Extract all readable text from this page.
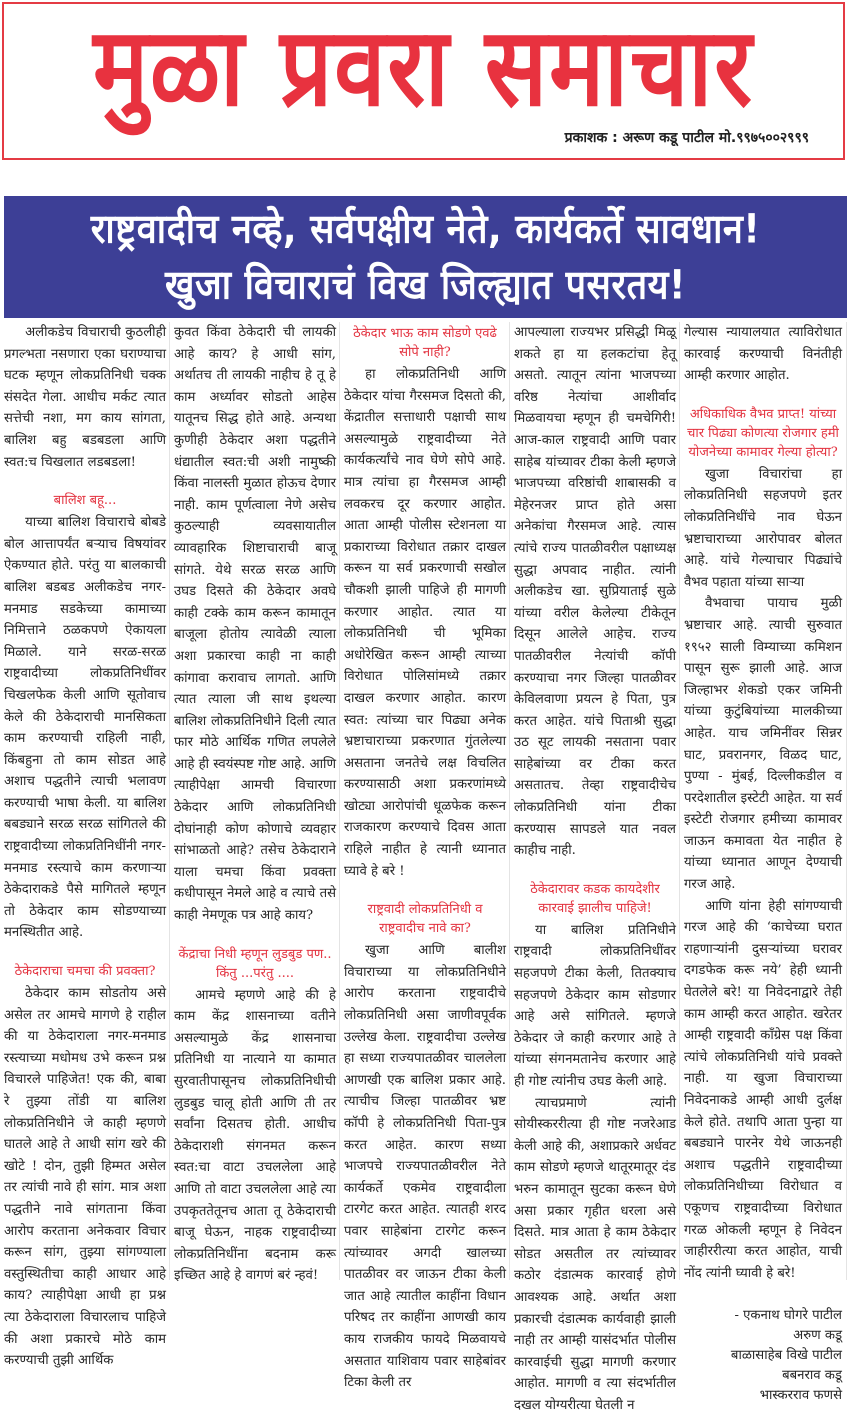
मुळा प्रवरा समाचार
प्रकाशक : अरूण कडू पाटील मो.९९७५००२९९९
राष्ट्रवादीच नव्हे, सर्वपक्षीय नेते, कार्यकर्ते सावधान!
खुजा विचाराचं विख जिल्ह्यात पसरतय!

अलीकडेच विचाराची कुठलीही प्रगल्भता नसणारा एका घराण्याचा घटक म्हणून लोकप्रतिनिधी चक्क संसदेत गेला. आधीच मर्कट त्यात सत्तेची नशा, मग काय सांगता, बालिश बहु बडबडला आणि स्वत:च चिखलात लडबडला!

बालिश बहू...

याच्या बालिश विचाराचे बोबडे बोल आत्तापर्यंत बऱ्याच विषयांवर ऐकण्यात होते. परंतु या बालकाची बालिश बडबड अलीकडेच नगर-मनमाड सडकेच्या कामाच्या निमित्ताने ठळकपणे ऐकायला मिळाले. याने सरळ-सरळ राष्ट्रवादीच्या लोकप्रतिनिधींवर चिखलफेक केली आणि सूतोवाच केले की ठेकेदाराची मानसिकता काम करण्याची राहिली नाही, किंबहुना तो काम सोडत आहे अशाच पद्धतीने त्याची भलावण करण्याची भाषा केली. या बालिश बबड्याने सरळ सरळ सांगितले की राष्ट्रवादीच्या लोकप्रतिनिधींनी नगर-मनमाड रस्त्याचे काम करणाऱ्या ठेकेदाराकडे पैसे मागितले म्हणून तो ठेकेदार काम सोडण्याच्या मनस्थितीत आहे.

ठेकेदाराचा चमचा की प्रवक्ता?

ठेकेदार काम सोडतोय असे असेल तर आमचे मागणे हे राहील की या ठेकेदाराला नगर-मनमाड रस्त्याच्या मधोमध उभे करून प्रश्न विचारले पाहिजेत! एक की, बाबा रे तुझ्या तोंडी या बालिश लोकप्रतिनिधीने जे काही म्हणणे घातले आहे ते आधी सांग खरे की खोटे ! दोन, तुझी हिम्मत असेल तर त्यांची नावे ही सांग. मात्र अशा पद्धतीने नावे सांगताना किंवा आरोप करताना अनेकवार विचार करून सांग, तुझ्या सांगण्याला वस्तुस्थितीचा काही आधार आहे काय? त्याहीपेक्षा आधी हा प्रश्न त्या ठेकेदाराला विचारलाच पाहिजे की अशा प्रकारचे मोठे काम करण्याची तुझी आर्थिक

कुवत किंवा ठेकेदारी ची लायकी आहे काय? हे आधी सांग, अर्थातच ती लायकी नाहीच हे तू हे काम अर्ध्यावर सोडतो आहेस यातूनच सिद्ध होते आहे. अन्यथा कुणीही ठेकेदार अशा पद्धतीने धंद्यातील स्वत:ची अशी नामुष्की किंवा नालस्ती मुळात होऊच देणार नाही. काम पूर्णत्वाला नेणे असेच कुठल्याही व्यवसायातील व्यावहारिक शिष्टाचाराची बाजू सांगते. येथे सरळ सरळ आणि उघड दिसते की ठेकेदार अवघे काही टक्के काम करून कामातून बाजूला होतोय त्यावेळी त्याला अशा प्रकारचा काही ना काही कांगावा करावाच लागतो. आणि त्यात त्याला जी साथ इथल्या बालिश लोकप्रतिनिधीने दिली त्यात फार मोठे आर्थिक गणित लपलेले आहे ही स्वयंस्पष्ट गोष्ट आहे. आणि त्याहीपेक्षा आमची विचारणा ठेकेदार आणि लोकप्रतिनिधी दोघांनाही कोण कोणाचे व्यवहार सांभाळतो आहे? तसेच ठेकेदाराने याला चमचा किंवा प्रवक्ता कधीपासून नेमले आहे व त्याचे तसे काही नेमणूक पत्र आहे काय?

केंद्राचा निधी म्हणून लुडबुड पण.. किंतु ...परंतु ....

आमचे म्हणणे आहे की हे काम केंद्र शासनाच्या वतीने असल्यामुळे केंद्र शासनाचा प्रतिनिधी या नात्याने या कामात सुरवातीपासूनच लोकप्रतिनिधीची लुडबुड चालू होती आणि ती तर सर्वांना दिसतच होती. आधीच ठेकेदाराशी संगनमत करून स्वत:चा वाटा उचललेला आहे आणि तो वाटा उचललेला आहे त्या उपकृततेतूनच आता तू ठेकेदाराची बाजू घेऊन, नाहक राष्ट्रवादीच्या लोकप्रतिनिधींना बदनाम करू इच्छित आहे हे वागणं बरं न्हवं!

ठेकेदार भाऊ काम सोडणे एवढे सोपे नाही?

हा लोकप्रतिनिधी आणि ठेकेदार यांचा गैरसमज दिसतो की, केंद्रातील सत्ताधारी पक्षाची साथ असल्यामुळे राष्ट्रवादीच्या नेते कार्यकर्त्यांचे नाव घेणे सोपे आहे. मात्र त्यांचा हा गैरसमज आम्ही लवकरच दूर करणार आहोत. आता आम्ही पोलीस स्टेशनला या प्रकाराच्या विरोधात तक्रार दाखल करून या सर्व प्रकरणाची सखोल चौकशी झाली पाहिजे ही मागणी करणार आहोत. त्यात या लोकप्रतिनिधी ची भूमिका अधोरेखित करून आम्ही त्याच्या विरोधात पोलिसांमध्ये तक्रार दाखल करणार आहोत. कारण स्वत: त्यांच्या चार पिढ्या अनेक भ्रष्टाचाराच्या प्रकरणात गुंतलेल्या असताना जनतेचे लक्ष विचलित करण्यासाठी अशा प्रकरणांमध्ये खोट्या आरोपांची धूळफेक करून राजकारण करण्याचे दिवस आता राहिले नाहीत हे त्यानी ध्यानात घ्यावे हे बरे !

राष्ट्रवादी लोकप्रतिनिधी व राष्ट्रवादीच नावे का?

खुजा आणि बालीश विचाराच्या या लोकप्रतिनिधीने आरोप करताना राष्ट्रवादीचे लोकप्रतिनिधी असा जाणीवपूर्वक उल्लेख केला. राष्ट्रवादीचा उल्लेख हा सध्या राज्यपातळीवर चाललेला आणखी एक बालिश प्रकार आहे. त्याचीच जिल्हा पातळीवर भ्रष्ट कॉपी हे लोकप्रतिनिधी पिता-पुत्र करत आहेत. कारण सध्या भाजपचे राज्यपातळीवरील नेते कार्यकर्ते एकमेव राष्ट्रवादीला टारगेट करत आहेत. त्यातही शरद पवार साहेबांना टारगेट करून त्यांच्यावर अगदी खालच्या पातळीवर वर जाऊन टीका केली जात आहे त्यातील काहींना विधान परिषद तर काहींना आणखी काय काय राजकीय फायदे मिळवायचे असतात याशिवाय पवार साहेबांवर टिका केली तर

आपल्याला राज्यभर प्रसिद्धी मिळू शकते हा या हलकटांचा हेतू असतो. त्यातून त्यांना भाजपच्या वरिष्ठ नेत्यांचा आशीर्वाद मिळवायचा म्हणून ही चमचेगिरी! आज-काल राष्ट्रवादी आणि पवार साहेब यांच्यावर टीका केली म्हणजे भाजपच्या वरिष्ठांची शाबासकी व मेहेरनजर प्राप्त होते असा अनेकांचा गैरसमज आहे. त्यास त्यांचे राज्य पातळीवरील पक्षाध्यक्ष सुद्धा अपवाद नाहीत. त्यांनी अलीकडेच खा. सुप्रियाताई सुळे यांच्या वरील केलेल्या टीकेतून दिसून आलेले आहेच. राज्य पातळीवरील नेत्यांची कॉपी करण्याचा नगर जिल्हा पातळीवर केविलवाणा प्रयत्न हे पिता, पुत्र करत आहेत. यांचे पिताश्री सुद्धा उठ सूट लायकी नसताना पवार साहेबांच्या वर टीका करत असतातच. तेव्हा राष्ट्रवादीचेच लोकप्रतिनिधी यांना टीका करण्यास सापडले यात नवल काहीच नाही.

ठेकेदारावर कडक कायदेशीर कारवाई झालीच पाहिजे!

या बालिश प्रतिनिधीने राष्ट्रवादी लोकप्रतिनिधींवर सहजपणे टीका केली, तितक्याच सहजपणे ठेकेदार काम सोडणार आहे असे सांगितले. म्हणजे ठेकेदार जे काही करणार आहे ते यांच्या संगनमतानेच करणार आहे ही गोष्ट त्यांनीच उघड केली आहे.

त्याचप्रमाणे त्यांनी सोयीस्कररीत्या ही गोष्ट नजरेआड केली आहे की, अशाप्रकारे अर्धवट काम सोडणे म्हणजे थातूरमातूर दंड भरुन कामातून सुटका करून घेणे असा प्रकार गृहीत धरला असे दिसते. मात्र आता हे काम ठेकेदार सोडत असतील तर त्यांच्यावर कठोर दंडात्मक कारवाई होणे आवश्यक आहे. अर्थात अशा प्रकारची दंडात्मक कार्यवाही झाली नाही तर आम्ही यासंदर्भात पोलीस कारवाईची सुद्धा मागणी करणार आहोत. मागणी व त्या संदर्भातील दखल योग्यरीत्या घेतली न

गेल्यास न्यायालयात त्याविरोधात कारवाई करण्याची विनंतीही आम्ही करणार आहोत.

अधिकाधिक वैभव प्राप्त! यांच्या चार पिढ्या कोणत्या रोजगार हमी योजनेच्या कामावर गेल्या होत्या?

खुजा विचारांचा हा लोकप्रतिनिधी सहजपणे इतर लोकप्रतिनिधींचे नाव घेऊन भ्रष्टाचाराच्या आरोपावर बोलत आहे. यांचे गेल्याचार पिढ्यांचे वैभव पहाता यांच्या साऱ्या

वैभवाचा पायाच मुळी भ्रष्टाचार आहे. त्याची सुरुवात १९५२ साली विम्याच्या कमिशन पासून सुरू झाली आहे. आज जिल्हाभर शेकडो एकर जमिनी यांच्या कुटुंबियांच्या मालकीच्या आहेत. याच जमिनींवर सिन्नर घाट, प्रवरानगर, विळद घाट, पुण्या - मुंबई, दिल्लीकडील व परदेशातील इस्टेटी आहेत. या सर्व इस्टेटी रोजगार हमीच्या कामावर जाऊन कमावता येत नाहीत हे यांच्या ध्यानात आणून देण्याची गरज आहे.

आणि यांना हेही सांगण्याची गरज आहे की ‘काचेच्या घरात राहणाऱ्यांनी दुसऱ्यांच्या घरावर दगडफेक करू नये’ हेही ध्यानी घेतलेले बरे! या निवेदनाद्वारे तेही काम आम्ही करत आहोत. खरेतर आम्ही राष्ट्रवादी कॉंग्रेस पक्ष किंवा त्यांचे लोकप्रतिनिधी यांचे प्रवक्ते नाही. या खुजा विचाराच्या निवेदनाकडे आम्ही आधी दुर्लक्ष केले होते. तथापि आता पुन्हा या बबड्याने पारनेर येथे जाऊनही अशाच पद्धतीने राष्ट्रवादीच्या लोकप्रतिनिधीच्या विरोधात व एकूणच राष्ट्रवादीच्या विरोधात गरळ ओकली म्हणून हे निवेदन जाहीररीत्या करत आहोत, याची नोंद त्यांनी घ्यावी हे बरे!

- एकनाथ घोगरे पाटील
अरुण कडू
बाळासाहेब विखे पाटील
बबनराव कडू
भास्करराव फणसे
